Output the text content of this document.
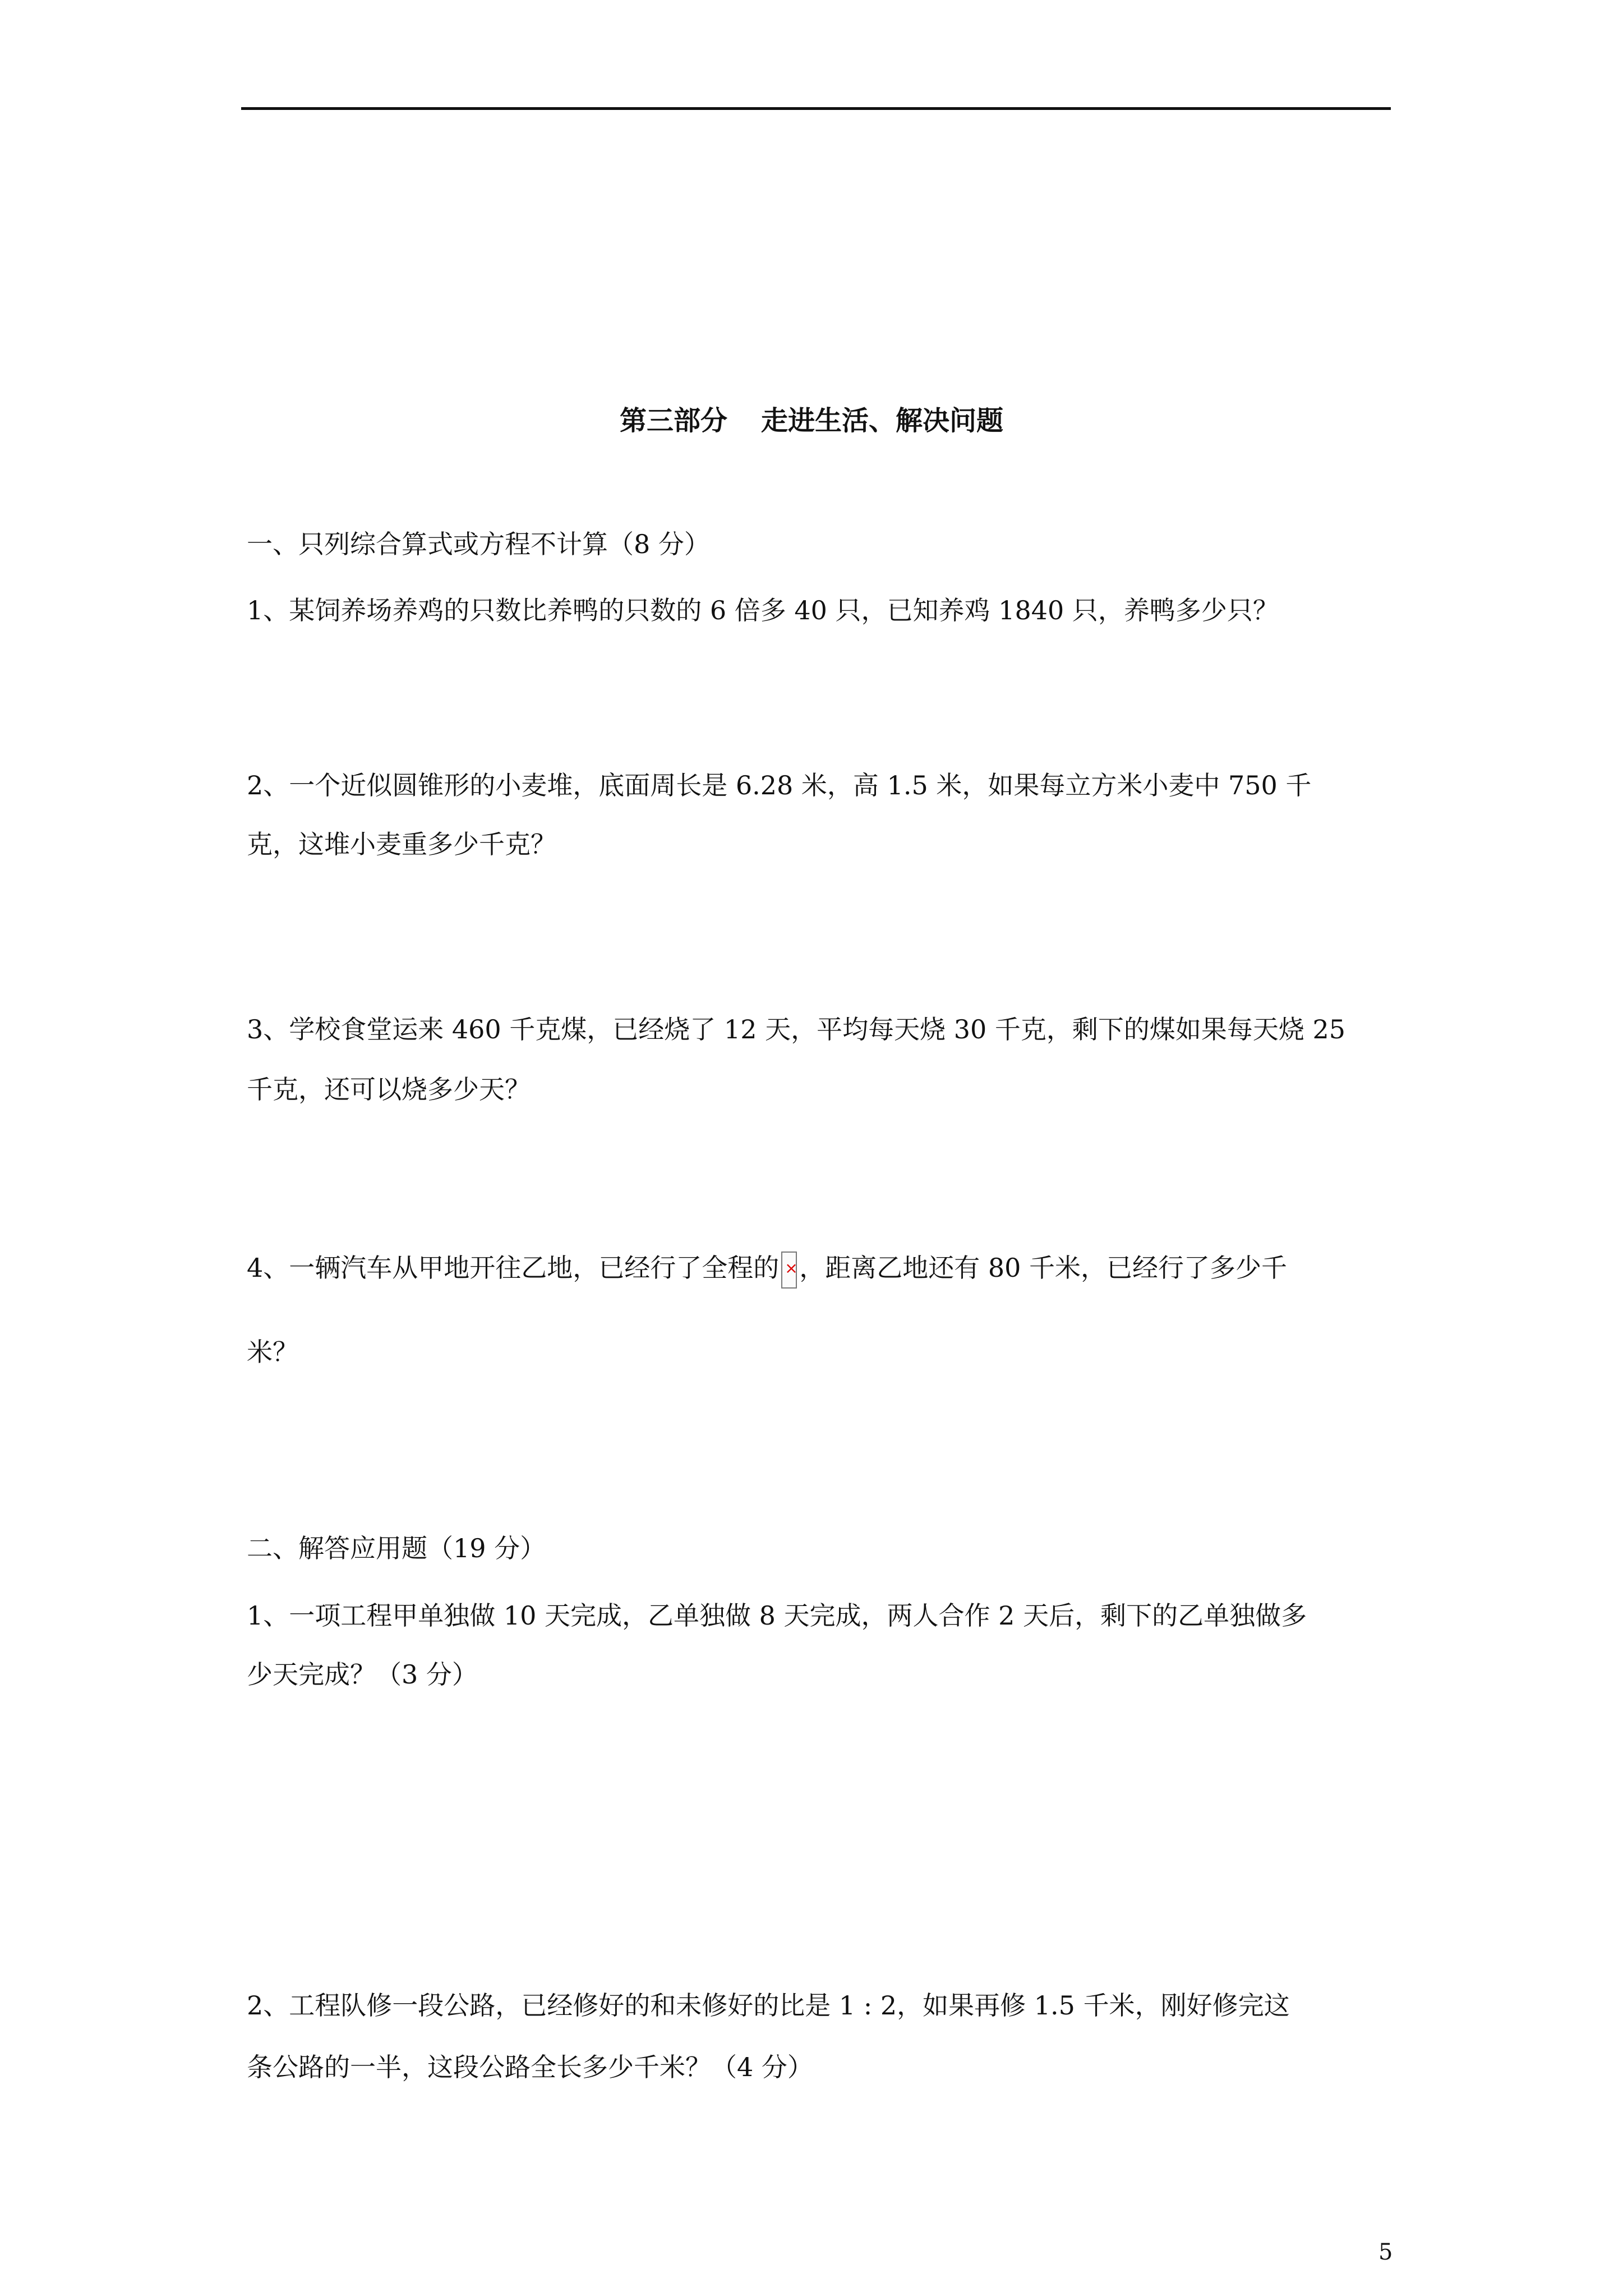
第三部分 走进生活、解决问题
一、只列综合算式或方程不计算（8 分）
1、某饲养场养鸡的只数比养鸭的只数的 6 倍多 40 只，已知养鸡 1840 只，养鸭多少只？
2、一个近似圆锥形的小麦堆，底面周长是 6.28 米，高 1.5 米，如果每立方米小麦中 750 千
克，这堆小麦重多少千克？
3、学校食堂运来 460 千克煤，已经烧了 12 天，平均每天烧 30 千克，剩下的煤如果每天烧 25
千克，还可以烧多少天？
4、一辆汽车从甲地开往乙地，已经行了全程的× ，距离乙地还有 80 千米，已经行了多少千
米？
二、解答应用题（19 分）
1、一项工程甲单独做 10 天完成，乙单独做 8 天完成，两人合作 2 天后，剩下的乙单独做多
少天完成？（3 分）
2、工程队修一段公路，已经修好的和未修好的比是 1 : 2，如果再修 1.5 千米，刚好修完这
条公路的一半，这段公路全长多少千米？（4 分）
5
